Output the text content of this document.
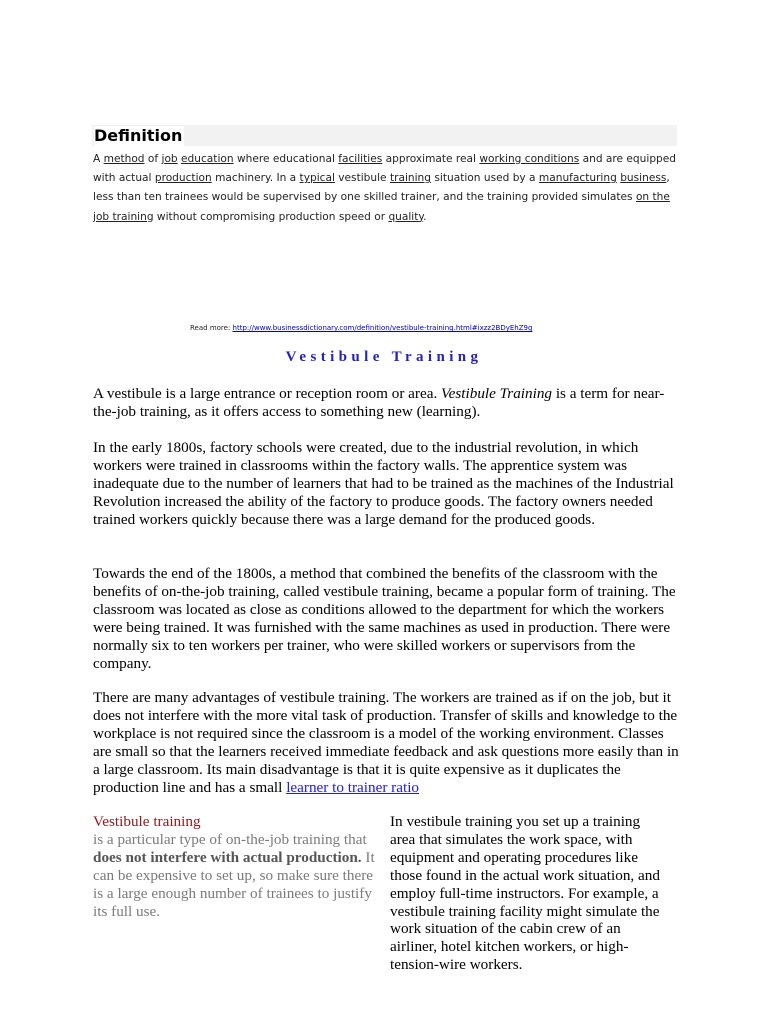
Definition
A method of job education where educational facilities approximate real working conditions and are equipped with actual production machinery. In a typical vestibule training situation used by a manufacturing business, less than ten trainees would be supervised by one skilled trainer, and the training provided simulates on the job training without compromising production speed or quality.
Read more: http://www.businessdictionary.com/definition/vestibule-training.html#ixzz2BDyEhZ9g
Vestibule Training
A vestibule is a large entrance or reception room or area. Vestibule Training is a term for near-the-job training, as it offers access to something new (learning).
In the early 1800s, factory schools were created, due to the industrial revolution, in which workers were trained in classrooms within the factory walls. The apprentice system was inadequate due to the number of learners that had to be trained as the machines of the Industrial Revolution increased the ability of the factory to produce goods. The factory owners needed trained workers quickly because there was a large demand for the produced goods.
Towards the end of the 1800s, a method that combined the benefits of the classroom with the benefits of on-the-job training, called vestibule training, became a popular form of training. The classroom was located as close as conditions allowed to the department for which the workers were being trained. It was furnished with the same machines as used in production. There were normally six to ten workers per trainer, who were skilled workers or supervisors from the company.
There are many advantages of vestibule training. The workers are trained as if on the job, but it does not interfere with the more vital task of production. Transfer of skills and knowledge to the workplace is not required since the classroom is a model of the working environment. Classes are small so that the learners received immediate feedback and ask questions more easily than in a large classroom. Its main disadvantage is that it is quite expensive as it duplicates the production line and has a small learner to trainer ratio
Vestibule training
is a particular type of on-the-job training that does not interfere with actual production. It can be expensive to set up, so make sure there is a large enough number of trainees to justify its full use.
In vestibule training you set up a training area that simulates the work space, with equipment and operating procedures like those found in the actual work situation, and employ full-time instructors. For example, a vestibule training facility might simulate the work situation of the cabin crew of an airliner, hotel kitchen workers, or high-tension-wire workers.
